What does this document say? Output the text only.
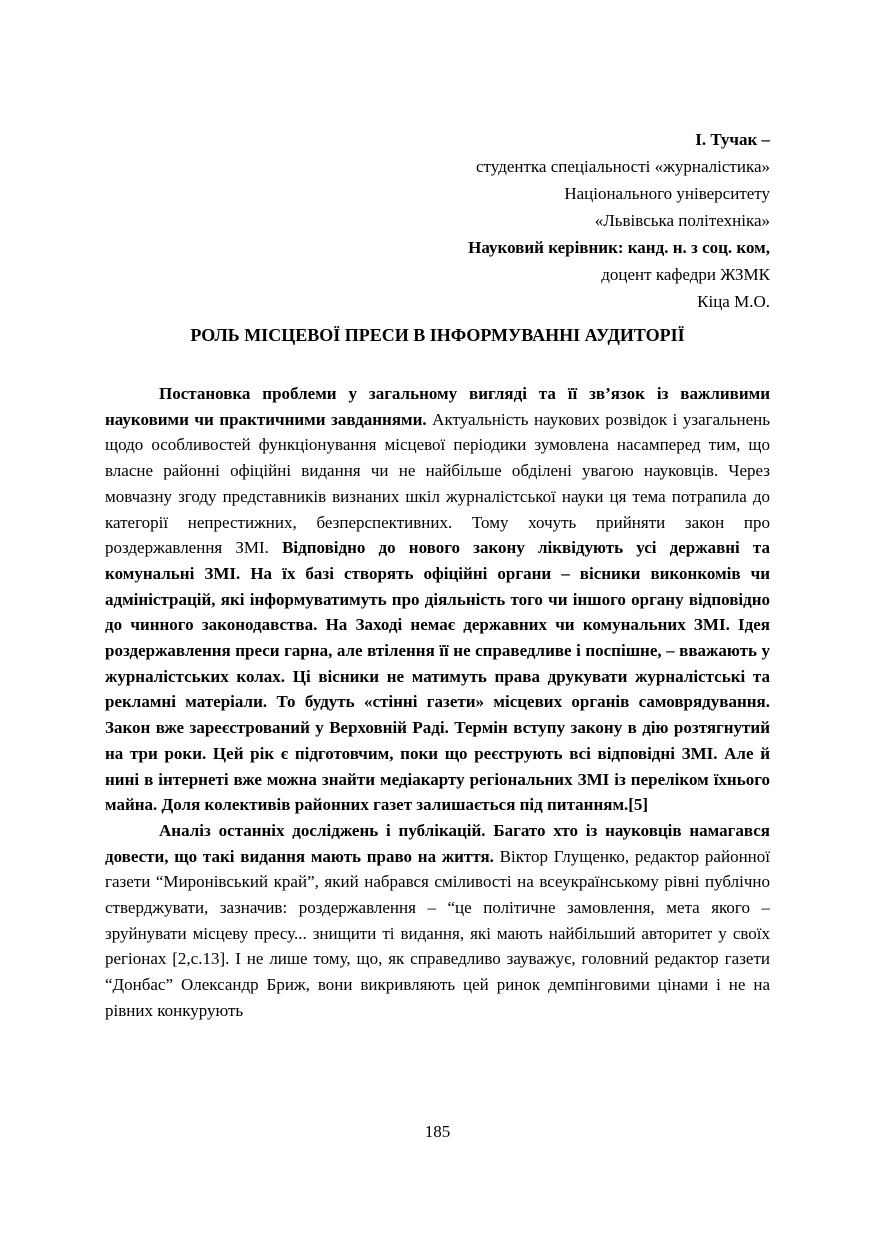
І. Тучак –
студентка спеціальності «журналістика»
Національного університету
«Львівська політехніка»
Науковий керівник: канд. н. з соц. ком,
доцент кафедри ЖЗМК
Кіца М.О.
РОЛЬ МІСЦЕВОЇ ПРЕСИ В ІНФОРМУВАННІ АУДИТОРІЇ

Постановка проблеми у загальному вигляді та її зв’язок із важливими науковими чи практичними завданнями. Актуальність наукових розвідок і узагальнень щодо особливостей функціонування місцевої періодики зумовлена насамперед тим, що власне районні офіційні видання чи не найбільше обділені увагою науковців. Через мовчазну згоду представників визнаних шкіл журналістської науки ця тема потрапила до категорії непрестижних, безперспективних. Тому хочуть прийняти закон про роздержавлення ЗМІ. Відповідно до нового закону ліквідують усі державні та комунальні ЗМІ. На їх базі створять офіційні органи – вісники виконкомів чи адміністрацій, які інформуватимуть про діяльність того чи іншого органу відповідно до чинного законодавства. На Заході немає державних чи комунальних ЗМІ. Ідея роздержавлення преси гарна, але втілення її не справедливе і поспішне, – вважають у журналістських колах. Ці вісники не матимуть права друкувати журналістські та рекламні матеріали. То будуть «стінні газети» місцевих органів самоврядування. Закон вже зареєстрований у Верховній Раді. Термін вступу закону в дію розтягнутий на три роки. Цей рік є підготовчим, поки що реєструють всі відповідні ЗМІ. Але й нині в інтернеті вже можна знайти медіакарту регіональних ЗМІ із переліком їхнього майна. Доля колективів районних газет залишається під питанням.[5]

Аналіз останніх досліджень і публікацій. Багато хто із науковців намагався довести, що такі видання мають право на життя. Віктор Глущенко, редактор районної газети “Миронівський край”, який набрався сміливості на всеукраїнському рівні публічно стверджувати, зазначив: роздержавлення – “це політичне замовлення, мета якого – зруйнувати місцеву пресу... знищити ті видання, які мають найбільший авторитет у своїх регіонах [2,с.13]. І не лише тому, що, як справедливо зауважує, головний редактор газети “Донбас” Олександр Бриж, вони викривляють цей ринок демпінговими цінами і не на рівних конкурують

185
